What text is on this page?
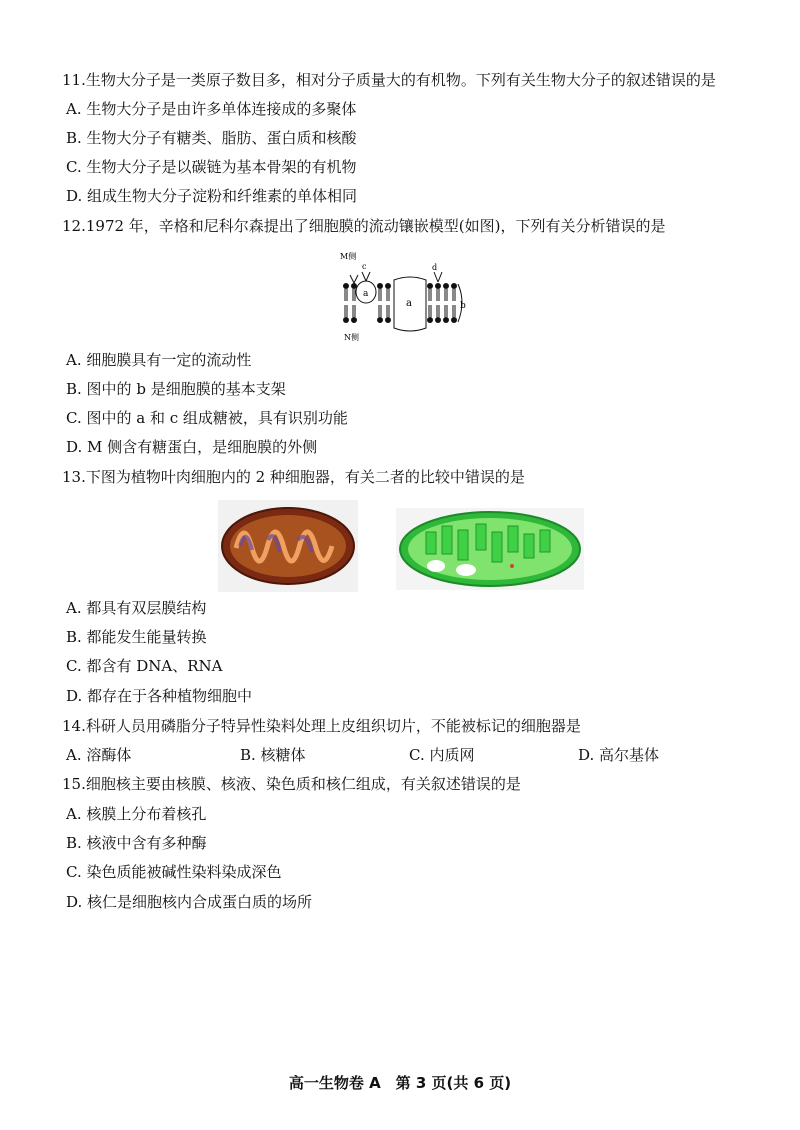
11.生物大分子是一类原子数目多，相对分子质量大的有机物。下列有关生物大分子的叙述错误的是
A. 生物大分子是由许多单体连接成的多聚体
B. 生物大分子有糖类、脂肪、蛋白质和核酸
C. 生物大分子是以碳链为基本骨架的有机物
D. 组成生物大分子淀粉和纤维素的单体相同
12.1972 年，辛格和尼科尔森提出了细胞膜的流动镶嵌模型(如图)，下列有关分析错误的是
M侧
N侧
a
c
a
d
b
A. 细胞膜具有一定的流动性
B. 图中的 b 是细胞膜的基本支架
C. 图中的 a 和 c 组成糖被，具有识别功能
D. M 侧含有糖蛋白，是细胞膜的外侧
13.下图为植物叶肉细胞内的 2 种细胞器，有关二者的比较中错误的是
A. 都具有双层膜结构
B. 都能发生能量转换
C. 都含有 DNA、RNA
D. 都存在于各种植物细胞中
14.科研人员用磷脂分子特异性染料处理上皮组织切片，不能被标记的细胞器是
A. 溶酶体	B. 核糖体	C. 内质网	D. 高尔基体
15.细胞核主要由核膜、核液、染色质和核仁组成，有关叙述错误的是
A. 核膜上分布着核孔
B. 核液中含有多种酶
C. 染色质能被碱性染料染成深色
D. 核仁是细胞核内合成蛋白质的场所
高一生物卷 A　第 3 页(共 6 页)
